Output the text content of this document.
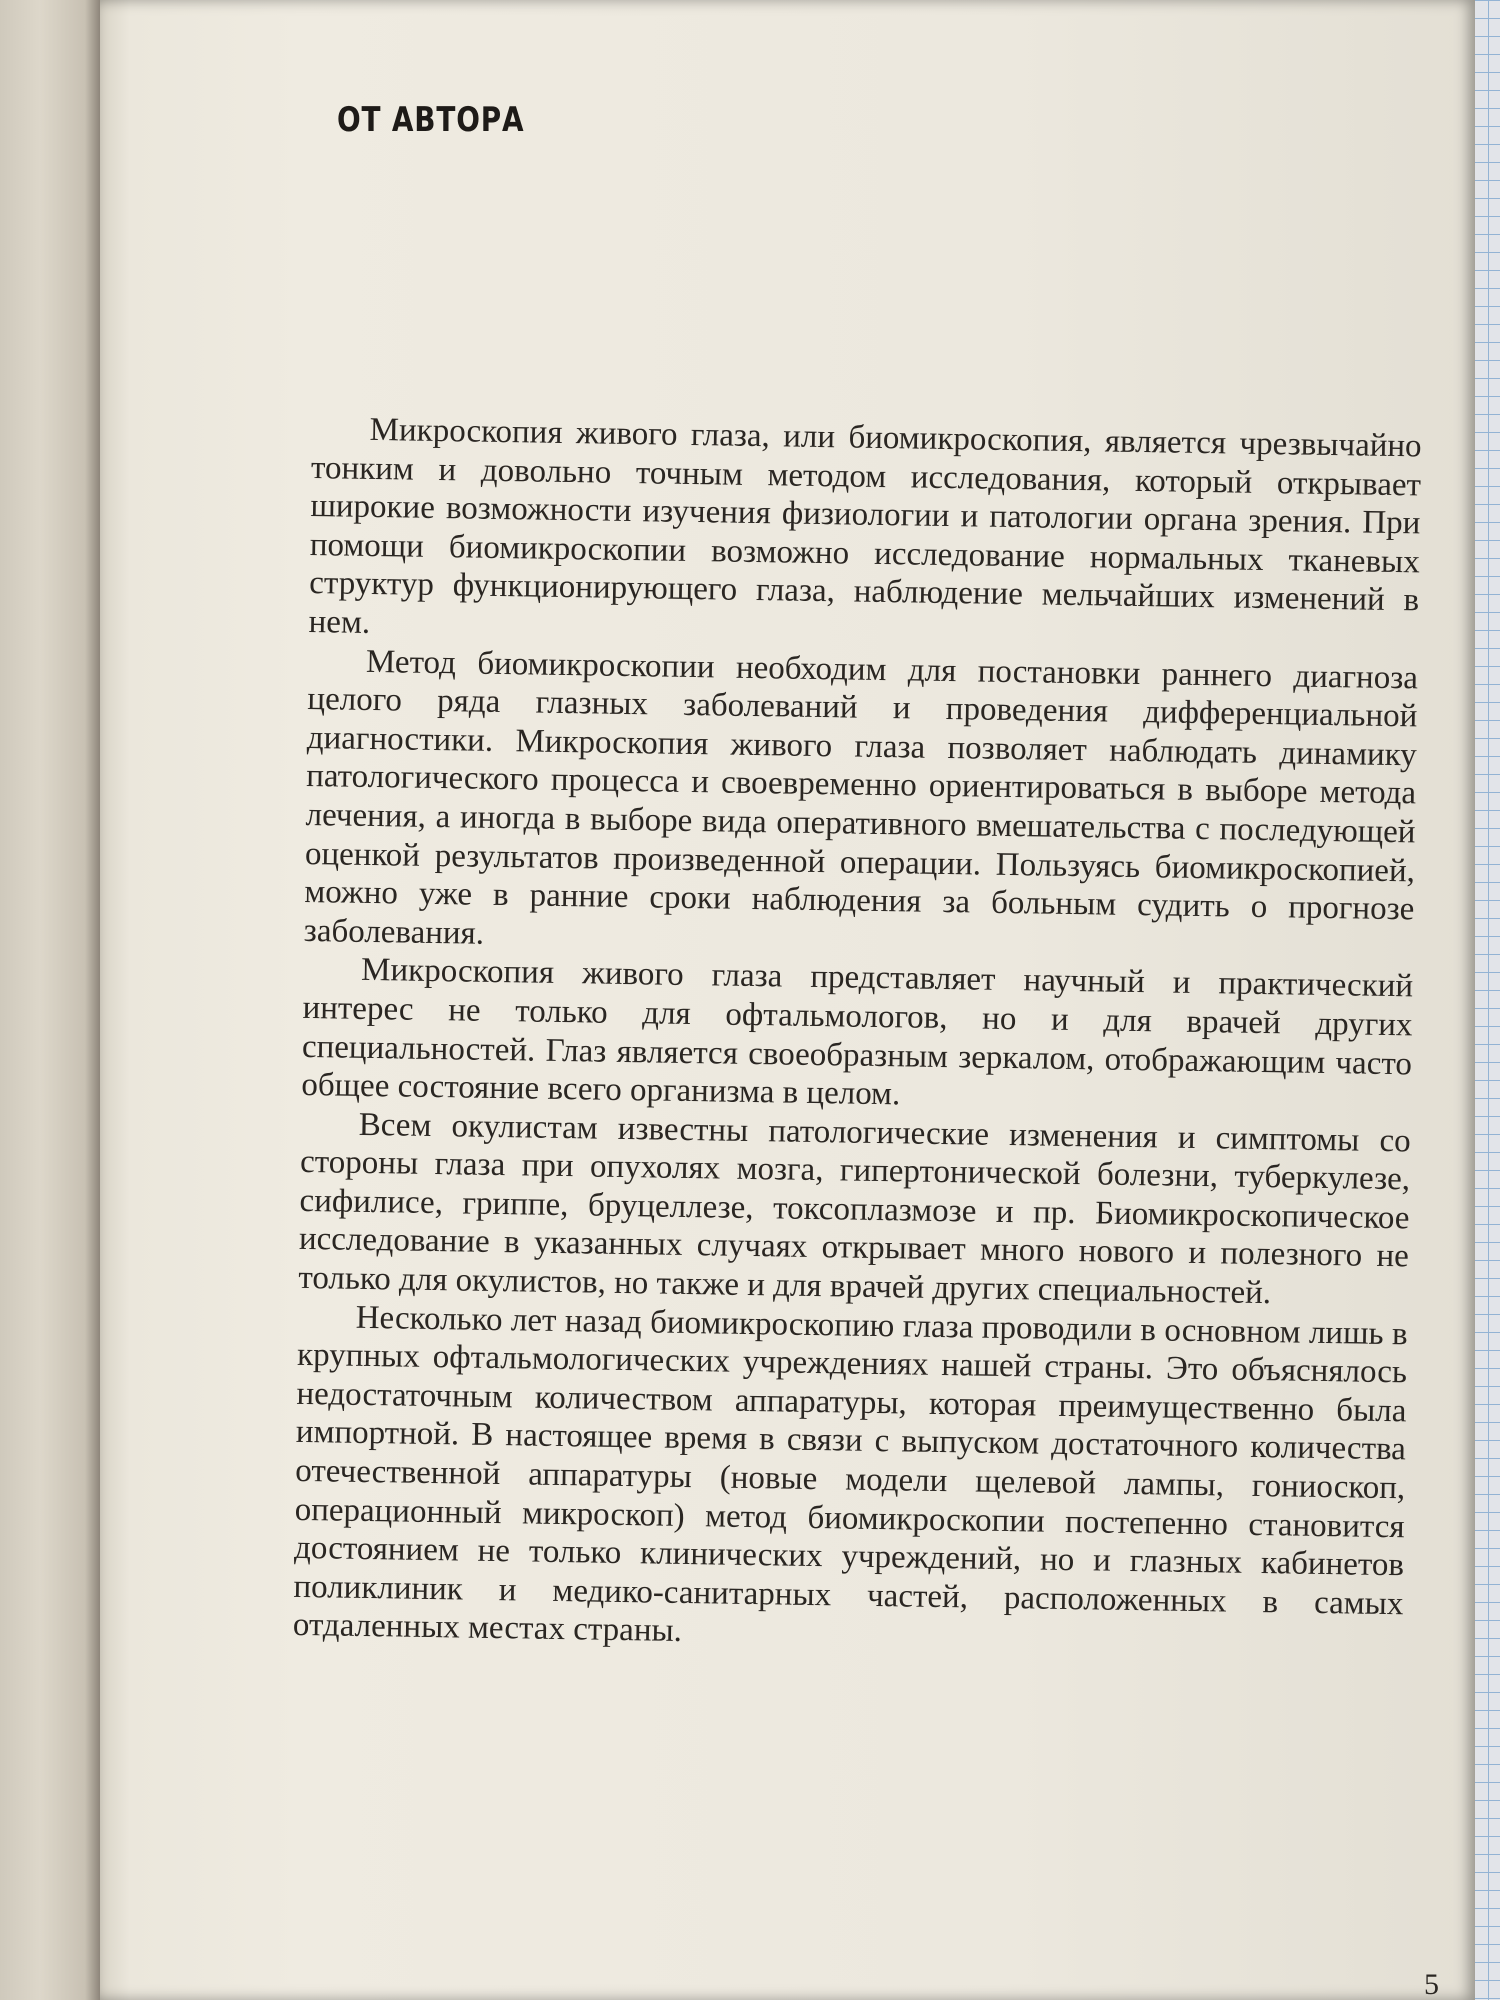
ОТ АВТОРА

Микроскопия живого глаза, или биомикроскопия, является чрезвычайно тонким и довольно точным методом исследования, который открывает широкие возможности изучения физиологии и патологии органа зрения. При помощи биомикроскопии возможно исследование нормальных тканевых структур функционирующего глаза, наблюдение мельчайших изменений в нем.

Метод биомикроскопии необходим для постановки раннего диагноза целого ряда глазных заболеваний и проведения дифференциальной диагностики. Микроскопия живого глаза позволяет наблюдать динамику патологического процесса и своевременно ориентироваться в выборе метода лечения, а иногда в выборе вида оперативного вмешательства с последующей оценкой результатов произведенной операции. Пользуясь биомикроскопией, можно уже в ранние сроки наблюдения за больным судить о прогнозе заболевания.

Микроскопия живого глаза представляет научный и практический интерес не только для офтальмологов, но и для врачей других специальностей. Глаз является своеобразным зеркалом, отображающим часто общее состояние всего организма в целом.

Всем окулистам известны патологические изменения и симптомы со стороны глаза при опухолях мозга, гипертонической болезни, туберкулезе, сифилисе, гриппе, бруцеллезе, токсоплазмозе и пр. Биомикроскопическое исследование в указанных случаях открывает много нового и полезного не только для окулистов, но также и для врачей других специальностей.

Несколько лет назад биомикроскопию глаза проводили в основном лишь в крупных офтальмологических учреждениях нашей страны. Это объяснялось недостаточным количеством аппаратуры, которая преимущественно была импортной. В настоящее время в связи с выпуском достаточного количества отечественной аппаратуры (новые модели щелевой лампы, гониоскоп, операционный микроскоп) метод биомикроскопии постепенно становится достоянием не только клинических учреждений, но и глазных кабинетов поликлиник и медико-санитарных частей, расположенных в самых отдаленных местах страны.

5
